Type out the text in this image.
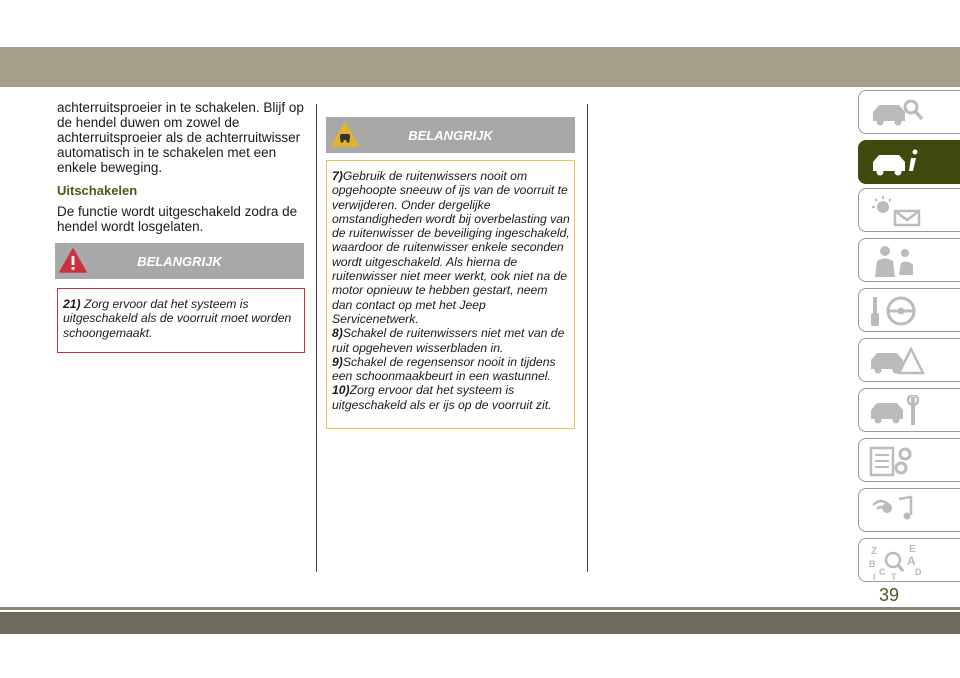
achterruitsproeier in te schakelen. Blijf op de hendel duwen om zowel de achterruitsproeier als de achterruitwisser automatisch in te schakelen met een enkele beweging.

Uitschakelen

De functie wordt uitgeschakeld zodra de hendel wordt losgelaten.

BELANGRIJK

21) Zorg ervoor dat het systeem is uitgeschakeld als de voorruit moet worden schoongemaakt.

BELANGRIJK

7)Gebruik de ruitenwissers nooit om opgehoopte sneeuw of ijs van de voorruit te verwijderen. Onder dergelijke omstandigheden wordt bij overbelasting van de ruitenwisser de beveiliging ingeschakeld, waardoor de ruitenwisser enkele seconden wordt uitgeschakeld. Als hierna de ruitenwisser niet meer werkt, ook niet na de motor opnieuw te hebben gestart, neem dan contact op met het Jeep Servicenetwerk.

8)Schakel de ruitenwissers niet met van de ruit opgeheven wisserbladen in.

9)Schakel de regensensor nooit in tijdens een schoonmaakbeurt in een wastunnel.

10)Zorg ervoor dat het systeem is uitgeschakeld als er ijs op de voorruit zit.

Z	E
B	A
C	D
I T
39
